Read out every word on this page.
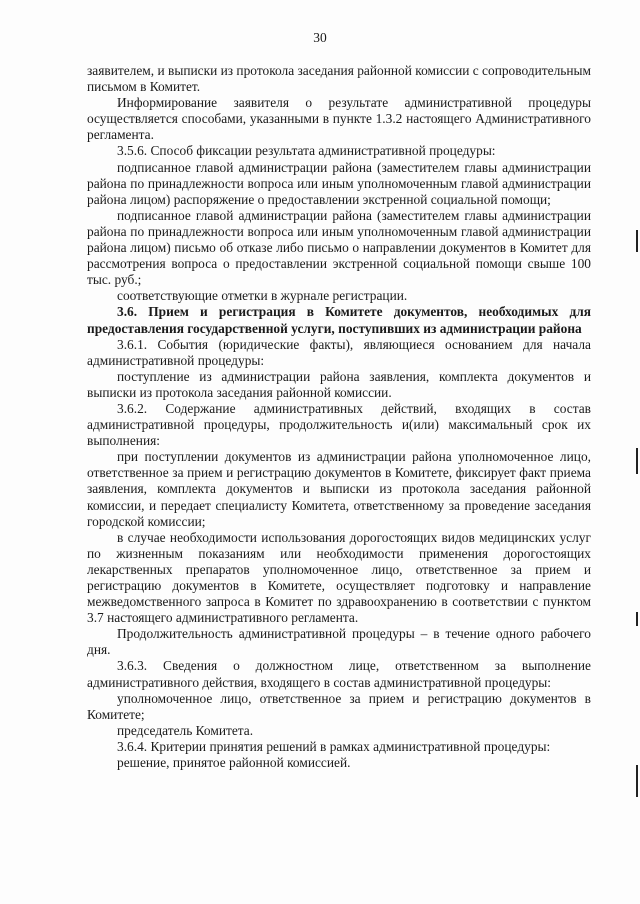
30

заявителем, и выписки из протокола заседания районной комиссии с сопроводительным письмом в Комитет.

Информирование заявителя о результате административной процедуры осуществляется способами, указанными в пункте 1.3.2 настоящего Административного регламента.

3.5.6. Способ фиксации результата административной процедуры:

подписанное главой администрации района (заместителем главы администрации района по принадлежности вопроса или иным уполномоченным главой администрации района лицом) распоряжение о предоставлении экстренной социальной помощи;

подписанное главой администрации района (заместителем главы администрации района по принадлежности вопроса или иным уполномоченным главой администрации района лицом) письмо об отказе либо письмо о направлении документов в Комитет для рассмотрения вопроса о предоставлении экстренной социальной помощи свыше 100 тыс. руб.;

соответствующие отметки в журнале регистрации.

3.6. Прием и регистрация в Комитете документов, необходимых для предоставления государственной услуги, поступивших из администрации района

3.6.1. События (юридические факты), являющиеся основанием для начала административной процедуры:

поступление из администрации района заявления, комплекта документов и выписки из протокола заседания районной комиссии.

3.6.2. Содержание административных действий, входящих в состав административной процедуры, продолжительность и(или) максимальный срок их выполнения:

при поступлении документов из администрации района уполномоченное лицо, ответственное за прием и регистрацию документов в Комитете, фиксирует факт приема заявления, комплекта документов и выписки из протокола заседания районной комиссии, и передает специалисту Комитета, ответственному за проведение заседания городской комиссии;

в случае необходимости использования дорогостоящих видов медицинских услуг по жизненным показаниям или необходимости применения дорогостоящих лекарственных препаратов уполномоченное лицо, ответственное за прием и регистрацию документов в Комитете, осуществляет подготовку и направление межведомственного запроса в Комитет по здравоохранению в соответствии с пунктом 3.7 настоящего административного регламента.

Продолжительность административной процедуры – в течение одного рабочего дня.

3.6.3. Сведения о должностном лице, ответственном за выполнение административного действия, входящего в состав административной процедуры:

уполномоченное лицо, ответственное за прием и регистрацию документов в Комитете;

председатель Комитета.

3.6.4. Критерии принятия решений в рамках административной процедуры:

решение, принятое районной комиссией.
